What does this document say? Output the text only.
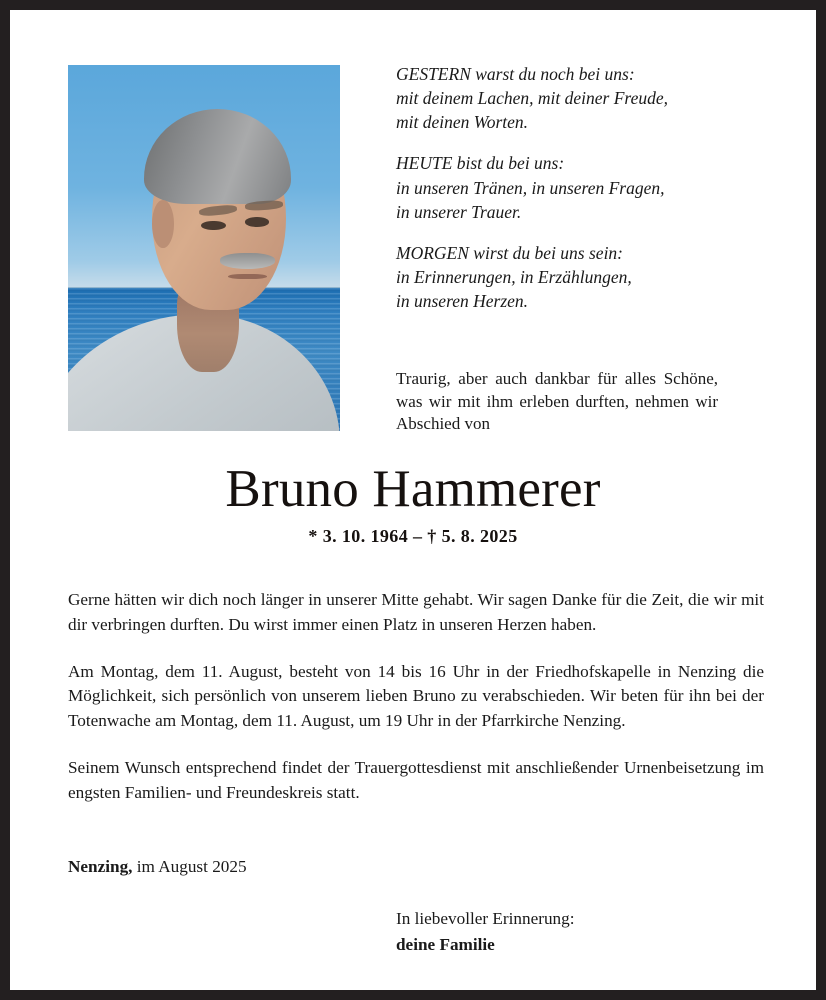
GESTERN warst du noch bei uns:
mit deinem Lachen, mit deiner Freude,
mit deinen Worten.
HEUTE bist du bei uns:
in unseren Tränen, in unseren Fragen,
in unserer Trauer.
MORGEN wirst du bei uns sein:
in Erinnerungen, in Erzählungen,
in unseren Herzen.
Traurig, aber auch dankbar für alles Schöne, was wir mit ihm erleben durften, nehmen wir Abschied von
Bruno Hammerer
* 3. 10. 1964 – † 5. 8. 2025

Gerne hätten wir dich noch länger in unserer Mitte gehabt. Wir sagen Danke für die Zeit, die wir mit dir verbringen durften. Du wirst immer einen Platz in unseren Herzen haben.

Am Montag, dem 11. August, besteht von 14 bis 16 Uhr in der Friedhofskapelle in Nenzing die Möglichkeit, sich persönlich von unserem lieben Bruno zu verabschieden. Wir beten für ihn bei der Totenwache am Montag, dem 11. August, um 19 Uhr in der Pfarrkirche Nenzing.

Seinem Wunsch entsprechend findet der Trauergottesdienst mit anschließender Urnenbeisetzung im engsten Familien- und Freundeskreis statt.

Nenzing, im August 2025
In liebevoller Erinnerung:
deine Familie
